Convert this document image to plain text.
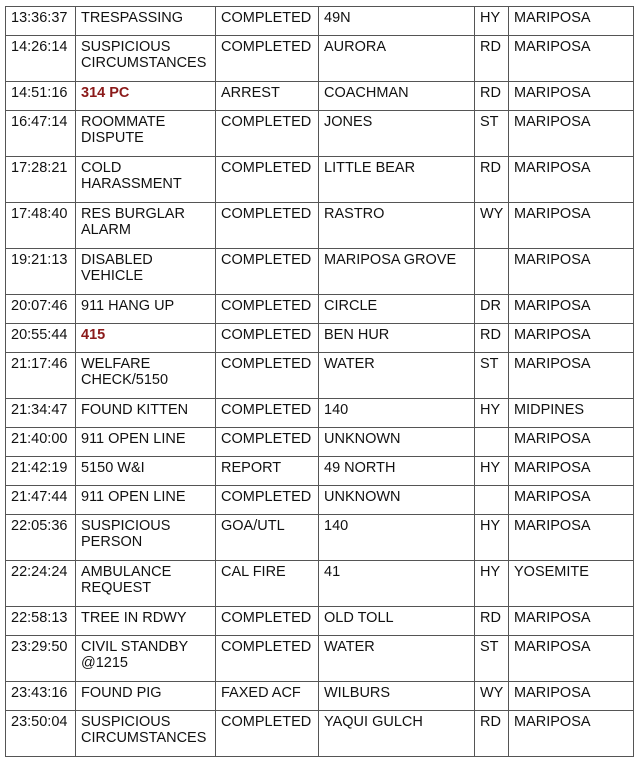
13:36:37	TRESPASSING	COMPLETED	49N	HY	MARIPOSA
14:26:14	SUSPICIOUS CIRCUMSTANCES	COMPLETED	AURORA	RD	MARIPOSA
14:51:16	314 PC	ARREST	COACHMAN	RD	MARIPOSA
16:47:14	ROOMMATE DISPUTE	COMPLETED	JONES	ST	MARIPOSA
17:28:21	COLD HARASSMENT	COMPLETED	LITTLE BEAR	RD	MARIPOSA
17:48:40	RES BURGLAR ALARM	COMPLETED	RASTRO	WY	MARIPOSA
19:21:13	DISABLED VEHICLE	COMPLETED	MARIPOSA GROVE		MARIPOSA
20:07:46	911 HANG UP	COMPLETED	CIRCLE	DR	MARIPOSA
20:55:44	415	COMPLETED	BEN HUR	RD	MARIPOSA
21:17:46	WELFARE CHECK/5150	COMPLETED	WATER	ST	MARIPOSA
21:34:47	FOUND KITTEN	COMPLETED	140	HY	MIDPINES
21:40:00	911 OPEN LINE	COMPLETED	UNKNOWN		MARIPOSA
21:42:19	5150 W&I	REPORT	49 NORTH	HY	MARIPOSA
21:47:44	911 OPEN LINE	COMPLETED	UNKNOWN		MARIPOSA
22:05:36	SUSPICIOUS PERSON	GOA/UTL	140	HY	MARIPOSA
22:24:24	AMBULANCE REQUEST	CAL FIRE	41	HY	YOSEMITE
22:58:13	TREE IN RDWY	COMPLETED	OLD TOLL	RD	MARIPOSA
23:29:50	CIVIL STANDBY @1215	COMPLETED	WATER	ST	MARIPOSA
23:43:16	FOUND PIG	FAXED ACF	WILBURS	WY	MARIPOSA
23:50:04	SUSPICIOUS CIRCUMSTANCES	COMPLETED	YAQUI GULCH	RD	MARIPOSA
